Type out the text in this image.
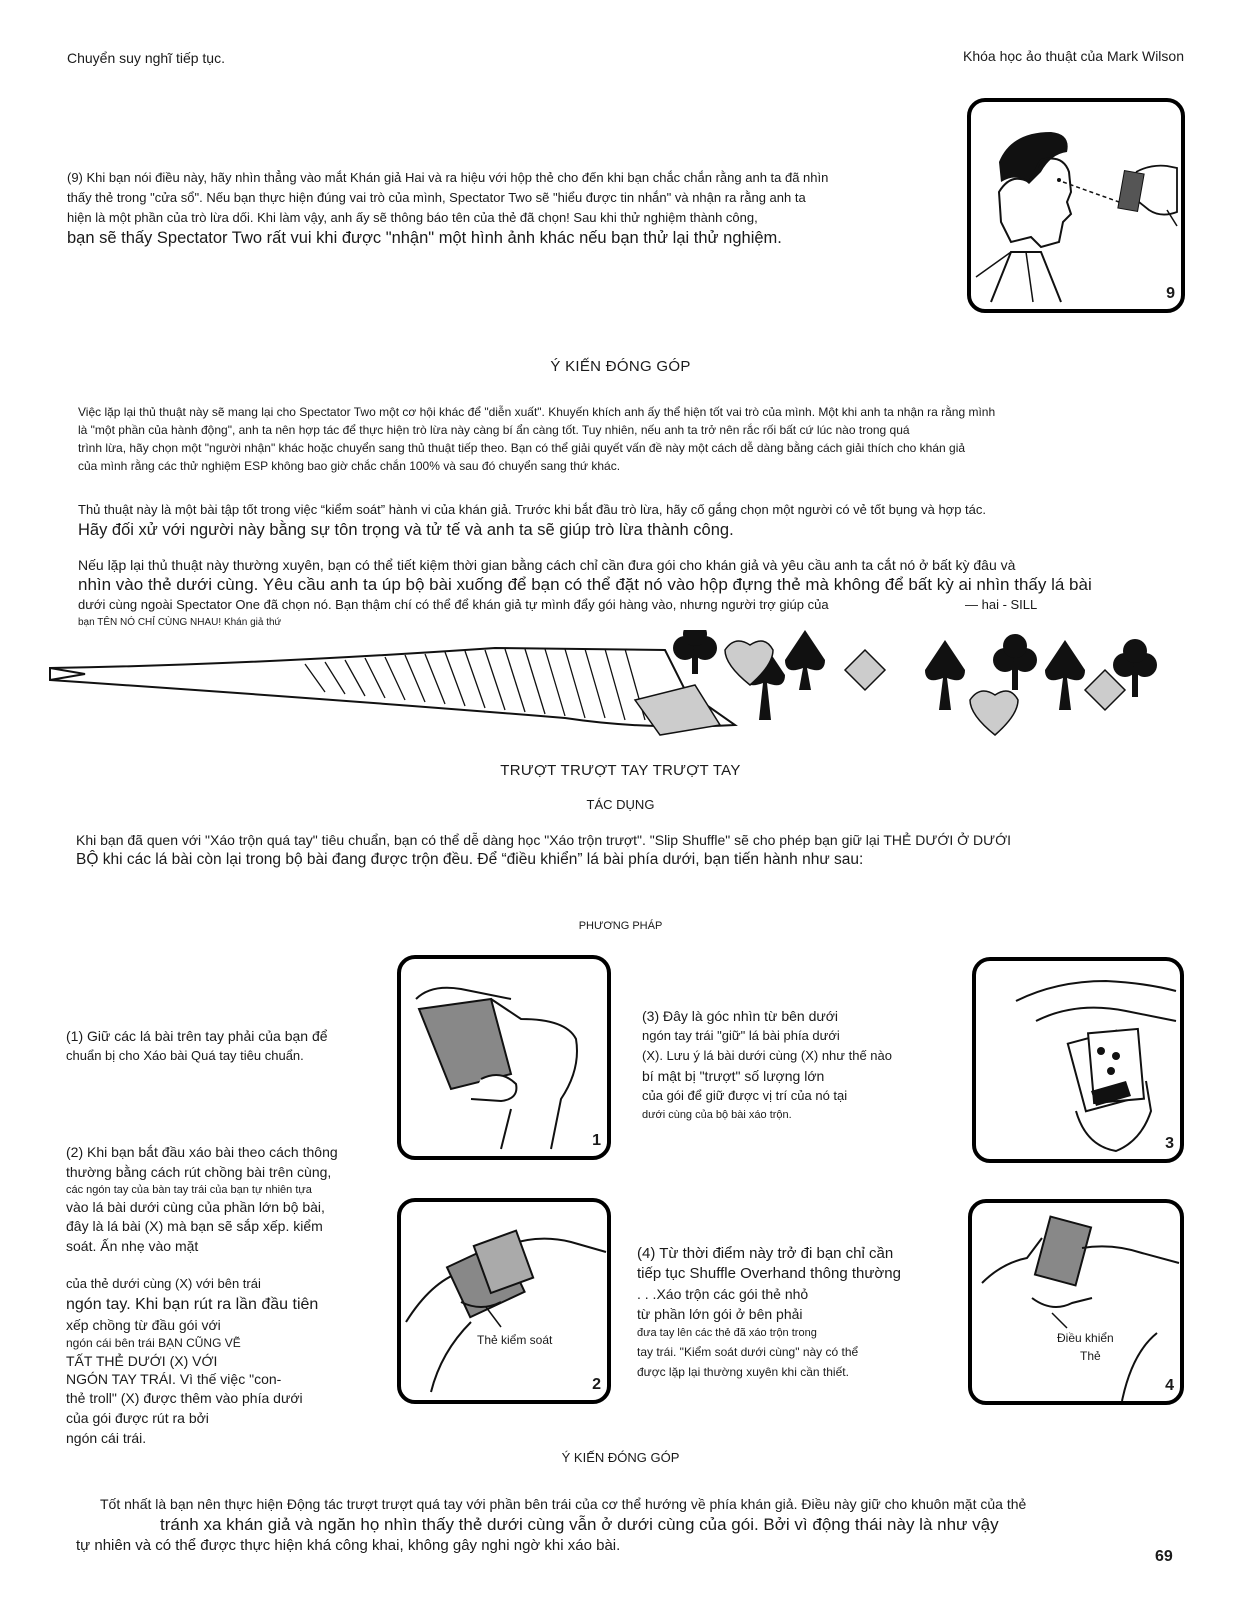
Chuyển suy nghĩ tiếp tục.	Khóa học ảo thuật của Mark Wilson
(9) Khi bạn nói điều này, hãy nhìn thẳng vào mắt Khán giả Hai và ra hiệu với hộp thẻ cho đến khi bạn chắc chắn rằng anh ta đã nhìn
thấy thẻ trong "cửa sổ". Nếu bạn thực hiện đúng vai trò của mình, Spectator Two sẽ "hiểu được tin nhắn" và nhận ra rằng anh ta
hiện là một phần của trò lừa dối. Khi làm vậy, anh ấy sẽ thông báo tên của thẻ đã chọn! Sau khi thử nghiệm thành công,
bạn sẽ thấy Spectator Two rất vui khi được "nhận" một hình ảnh khác nếu bạn thử lại thử nghiệm.
9
Ý KIẾN ĐÓNG GÓP
Việc lặp lại thủ thuật này sẽ mang lại cho Spectator Two một cơ hội khác để "diễn xuất". Khuyến khích anh ấy thể hiện tốt vai trò của mình. Một khi anh ta nhận ra rằng mình
là "một phần của hành động", anh ta nên hợp tác để thực hiện trò lừa này càng bí ẩn càng tốt. Tuy nhiên, nếu anh ta trở nên rắc rối bất cứ lúc nào trong quá
trình lừa, hãy chọn một "người nhận" khác hoặc chuyển sang thủ thuật tiếp theo. Bạn có thể giải quyết vấn đề này một cách dễ dàng bằng cách giải thích cho khán giả
của mình rằng các thử nghiệm ESP không bao giờ chắc chắn 100% và sau đó chuyển sang thứ khác.
Thủ thuật này là một bài tập tốt trong việc “kiểm soát” hành vi của khán giả. Trước khi bắt đầu trò lừa, hãy cố gắng chọn một người có vẻ tốt bụng và hợp tác.
Hãy đối xử với người này bằng sự tôn trọng và tử tế và anh ta sẽ giúp trò lừa thành công.
Nếu lặp lại thủ thuật này thường xuyên, bạn có thể tiết kiệm thời gian bằng cách chỉ cần đưa gói cho khán giả và yêu cầu anh ta cắt nó ở bất kỳ đâu và
nhìn vào thẻ dưới cùng. Yêu cầu anh ta úp bộ bài xuống để bạn có thể đặt nó vào hộp đựng thẻ mà không để bất kỳ ai nhìn thấy lá bài
dưới cùng ngoài Spectator One đã chọn nó. Bạn thậm chí có thể để khán giả tự mình đẩy gói hàng vào, nhưng người trợ giúp của	— hai - SILL
bạn TÊN NÓ CHỈ CÙNG NHAU! Khán giả thứ
TRƯỢT TRƯỢT TAY TRƯỢT TAY
TÁC DỤNG
Khi bạn đã quen với "Xáo trộn quá tay" tiêu chuẩn, bạn có thể dễ dàng học "Xáo trộn trượt". "Slip Shuffle" sẽ cho phép bạn giữ lại THẺ DƯỚI Ở DƯỚI
BỘ khi các lá bài còn lại trong bộ bài đang được trộn đều. Để “điều khiển” lá bài phía dưới, bạn tiến hành như sau:
PHƯƠNG PHÁP
(1) Giữ các lá bài trên tay phải của bạn để
chuẩn bị cho Xáo bài Quá tay tiêu chuẩn.
1
(3) Đây là góc nhìn từ bên dưới
ngón tay trái "giữ" lá bài phía dưới
(X). Lưu ý lá bài dưới cùng (X) như thế nào
bí mật bị "trượt" số lượng lớn
của gói để giữ được vị trí của nó tại
dưới cùng của bộ bài xáo trộn.
3
(2) Khi bạn bắt đầu xáo bài theo cách thông
thường bằng cách rút chồng bài trên cùng,
các ngón tay của bàn tay trái của bạn tự nhiên tựa
vào lá bài dưới cùng của phần lớn bộ bài,
đây là lá bài (X) mà bạn sẽ sắp xếp. kiểm
soát. Ấn nhẹ vào mặt
của thẻ dưới cùng (X) với bên trái
ngón tay. Khi bạn rút ra lần đầu tiên
xếp chồng từ đầu gói với
ngón cái bên trái BẠN CŨNG VẼ
TẤT THẺ DƯỚI (X) VỚI
NGÓN TAY TRÁI. Vì thế việc "con-
thẻ troll" (X) được thêm vào phía dưới
của gói được rút ra bởi
ngón cái trái.
Thẻ kiểm soát
2
(4) Từ thời điểm này trở đi bạn chỉ cần
tiếp tục Shuffle Overhand thông thường
. . .Xáo trộn các gói thẻ nhỏ
từ phần lớn gói ở bên phải
đưa tay lên các thẻ đã xáo trộn trong
tay trái. "Kiểm soát dưới cùng" này có thể
được lặp lại thường xuyên khi cần thiết.
Điều khiển
Thẻ
4
Ý KIẾN ĐÓNG GÓP
Tốt nhất là bạn nên thực hiện Động tác trượt trượt quá tay với phần bên trái của cơ thể hướng về phía khán giả. Điều này giữ cho khuôn mặt của thẻ
tránh xa khán giả và ngăn họ nhìn thấy thẻ dưới cùng vẫn ở dưới cùng của gói. Bởi vì động thái này là như vậy
tự nhiên và có thể được thực hiện khá công khai, không gây nghi ngờ khi xáo bài.
69
